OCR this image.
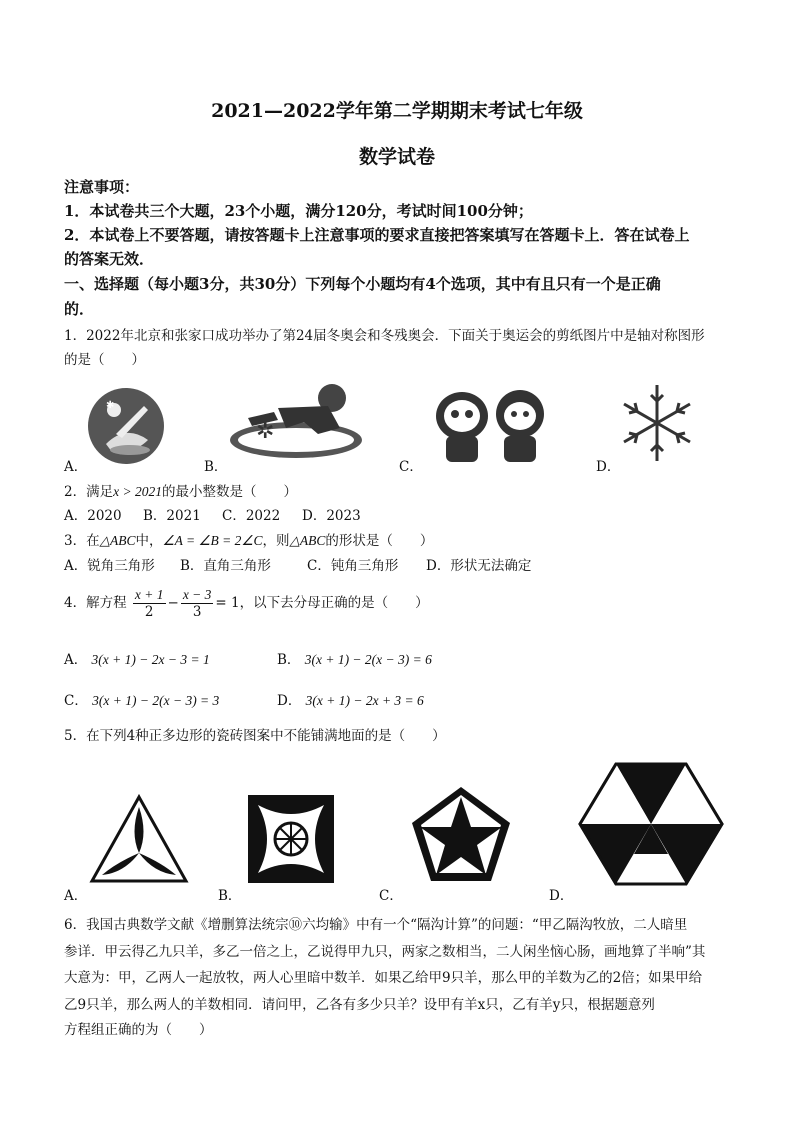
2021—2022学年第二学期期末考试七年级
数学试卷
注意事项：
1．本试卷共三个大题，23个小题，满分120分，考试时间100分钟；
2．本试卷上不要答题，请按答题卡上注意事项的要求直接把答案填写在答题卡上．答在试卷上
的答案无效．
一、选择题（每小题3分，共30分）下列每个小题均有4个选项，其中有且只有一个是正确
的．
1．2022年北京和张家口成功举办了第24届冬奥会和冬残奥会．下面关于奥运会的剪纸图片中是轴对称图形
的是（　　）
A．	B．	C．	D．
✱
✲
2．满足x > 2021的最小整数是（　　）
A．2020 B．2021 C．2022 D．2023
3．在△ABC中，∠A = ∠B = 2∠C，则△ABC的形状是（　　）
A．锐角三角形 B．直角三角形	C．钝角三角形 D．形状无法确定
4．解方程 $\frac{x + 1}{2} - \frac{x - 3}{3} = 1$，以下去分母正确的是（　　）
A． 3(x + 1) − 2x − 3 = 1	B． 3(x + 1) − 2(x − 3) = 6
C． 3(x + 1) − 2(x − 3) = 3	D． 3(x + 1) − 2x + 3 = 6
5．在下列4种正多边形的瓷砖图案中不能铺满地面的是（　　）
A．	B．	C．	D．
6．我国古典数学文献《增删算法统宗⑩六均输》中有一个“隔沟计算”的问题：“甲乙隔沟牧放，二人暗里
参详．甲云得乙九只羊，多乙一倍之上，乙说得甲九只，两家之数相当，二人闲坐恼心肠，画地算了半响”其
大意为：甲，乙两人一起放牧，两人心里暗中数羊．如果乙给甲9只羊，那么甲的羊数为乙的2倍；如果甲给
乙9只羊，那么两人的羊数相同．请问甲，乙各有多少只羊？设甲有羊x只，乙有羊y只，根据题意列
方程组正确的为（　　）
